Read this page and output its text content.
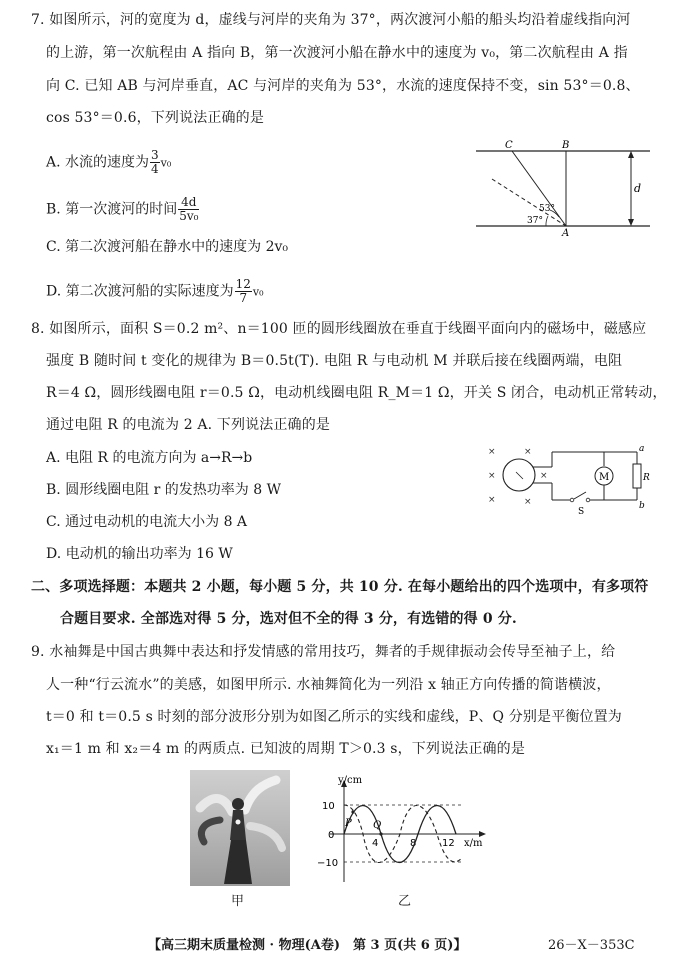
7. 如图所示，河的宽度为 d，虚线与河岸的夹角为 37°，两次渡河小船的船头均沿着虚线指向河
的上游，第一次航程由 A 指向 B，第一次渡河小船在静水中的速度为 v₀，第二次航程由 A 指
向 C. 已知 AB 与河岸垂直，AC 与河岸的夹角为 53°，水流的速度保持不变，sin 53°＝0.8、
cos 53°＝0.6，下列说法正确的是
A. 水流的速度为 $\frac{3}{4} v_0$
B. 第一次渡河的时间 $\frac{4d}{\text{5v₀}}$
C. 第二次渡河船在静水中的速度为 2v₀
D. 第二次渡河船的实际速度为 $\frac{12}{7} v_0$
C	B
A
d
53°
37°
8. 如图所示，面积 S＝0.2 m²、n＝100 匝的圆形线圈放在垂直于线圈平面向内的磁场中，磁感应
强度 B 随时间 t 变化的规律为 B＝0.5t(T). 电阻 R 与电动机 M 并联后接在线圈两端，电阻
R＝4 Ω，圆形线圈电阻 r＝0.5 Ω，电动机线圈电阻 R_M＝1 Ω，开关 S 闭合，电动机正常转动，
通过电阻 R 的电流为 2 A. 下列说法正确的是
A. 电阻 R 的电流方向为 a→R→b
B. 圆形线圈电阻 r 的发热功率为 8 W
C. 通过电动机的电流大小为 8 A
D. 电动机的输出功率为 16 W
×	×
×	×
×	×
M	R
a
b
S
二、多项选择题：本题共 2 小题，每小题 5 分，共 10 分. 在每小题给出的四个选项中，有多项符
合题目要求. 全部选对得 5 分，选对但不全的得 3 分，有选错的得 0 分.
9. 水袖舞是中国古典舞中表达和抒发情感的常用技巧，舞者的手规律振动会传导至袖子上，给
人一种“行云流水”的美感，如图甲所示. 水袖舞简化为一列沿 x 轴正方向传播的简谐横波，
t＝0 和 t＝0.5 s 时刻的部分波形分别为如图乙所示的实线和虚线，P、Q 分别是平衡位置为
x₁＝1 m 和 x₂＝4 m 的两质点. 已知波的周期 T＞0.3 s，下列说法正确的是
y/cm
x/m
10
0
−10
4	8	12
P Q
甲	乙
【高三期末质量检测 · 物理(A卷)　第 3 页(共 6 页)】	26－X－353C
